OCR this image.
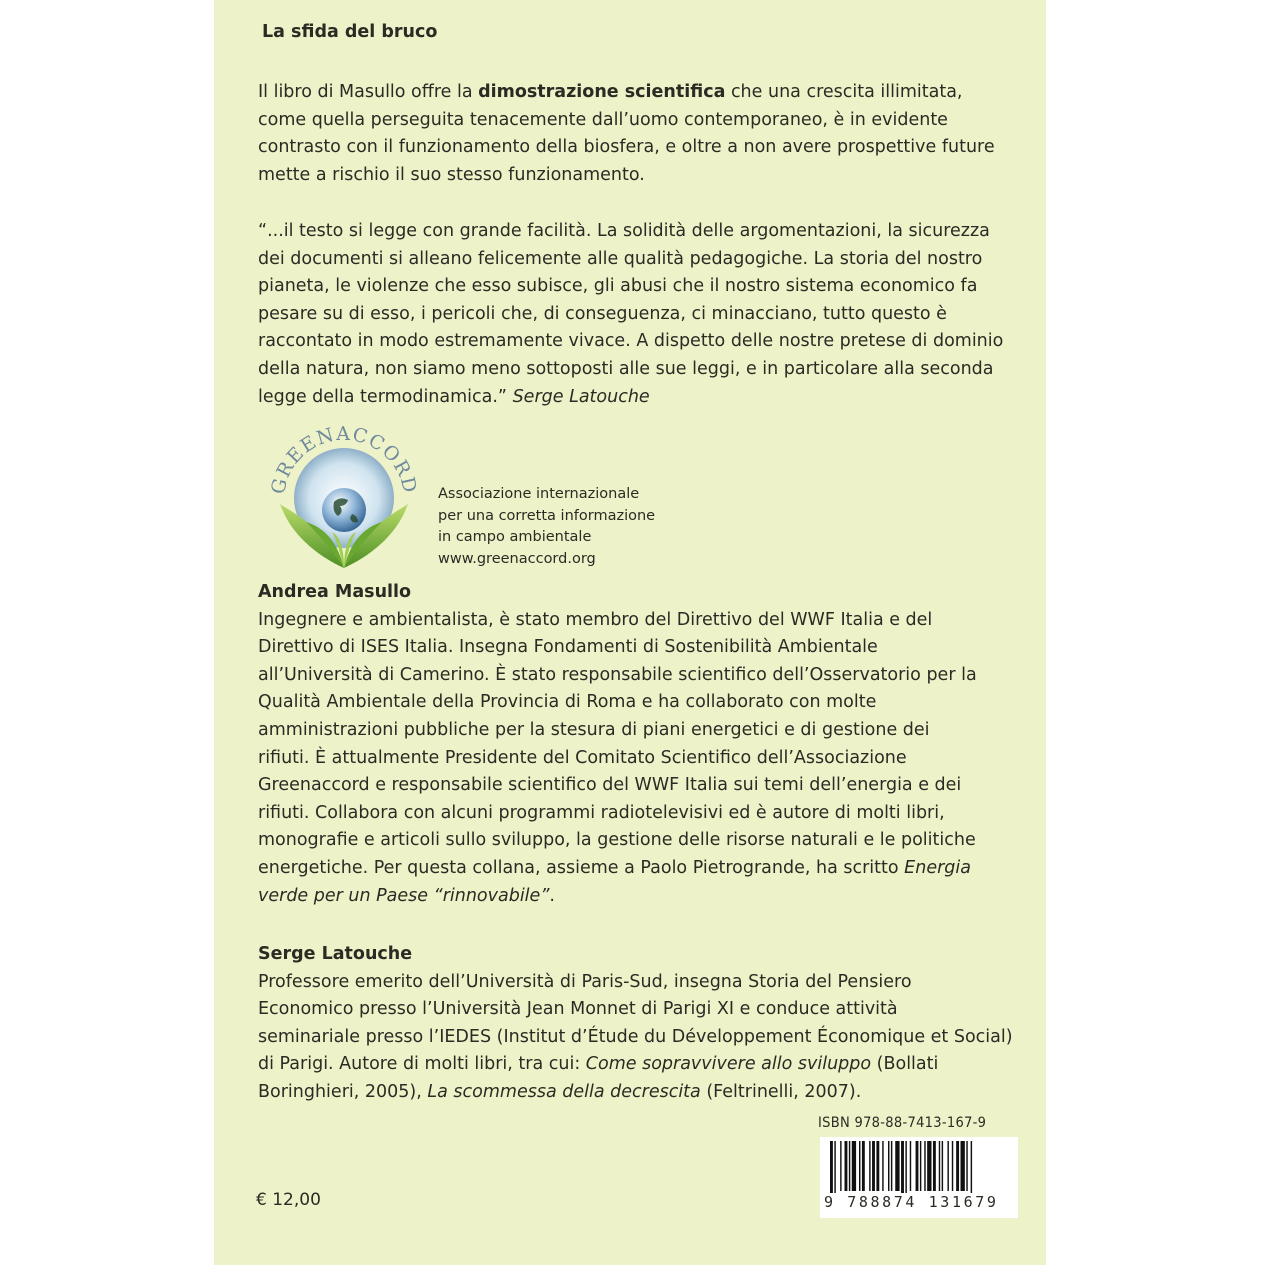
La sfida del bruco
Il libro di Masullo offre la dimostrazione scientifica che una crescita illimitata,
come quella perseguita tenacemente dall’uomo contemporaneo, è in evidente
contrasto con il funzionamento della biosfera, e oltre a non avere prospettive future
mette a rischio il suo stesso funzionamento.
“...il testo si legge con grande facilità. La solidità delle argomentazioni, la sicurezza
dei documenti si alleano felicemente alle qualità pedagogiche. La storia del nostro
pianeta, le violenze che esso subisce, gli abusi che il nostro sistema economico fa
pesare su di esso, i pericoli che, di conseguenza, ci minacciano, tutto questo è
raccontato in modo estremamente vivace. A dispetto delle nostre pretese di dominio
della natura, non siamo meno sottoposti alle sue leggi, e in particolare alla seconda
legge della termodinamica.” Serge Latouche
GREENACCORD Associazione internazionale
per una corretta informazione
in campo ambientale
www.greenaccord.org
Andrea Masullo
Ingegnere e ambientalista, è stato membro del Direttivo del WWF Italia e del
Direttivo di ISES Italia. Insegna Fondamenti di Sostenibilità Ambientale
all’Università di Camerino. È stato responsabile scientifico dell’Osservatorio per la
Qualità Ambientale della Provincia di Roma e ha collaborato con molte
amministrazioni pubbliche per la stesura di piani energetici e di gestione dei
rifiuti. È attualmente Presidente del Comitato Scientifico dell’Associazione
Greenaccord e responsabile scientifico del WWF Italia sui temi dell’energia e dei
rifiuti. Collabora con alcuni programmi radiotelevisivi ed è autore di molti libri,
monografie e articoli sullo sviluppo, la gestione delle risorse naturali e le politiche
energetiche. Per questa collana, assieme a Paolo Pietrogrande, ha scritto Energia
verde per un Paese “rinnovabile”.
Serge Latouche
Professore emerito dell’Università di Paris-Sud, insegna Storia del Pensiero
Economico presso l’Università Jean Monnet di Parigi XI e conduce attività
seminariale presso l’IEDES (Institut d’Étude du Développement Économique et Social)
di Parigi. Autore di molti libri, tra cui: Come sopravvivere allo sviluppo (Bollati
Boringhieri, 2005), La scommessa della decrescita (Feltrinelli, 2007).
€ 12,00
ISBN 978-88-7413-167-9
9 788874 131679
